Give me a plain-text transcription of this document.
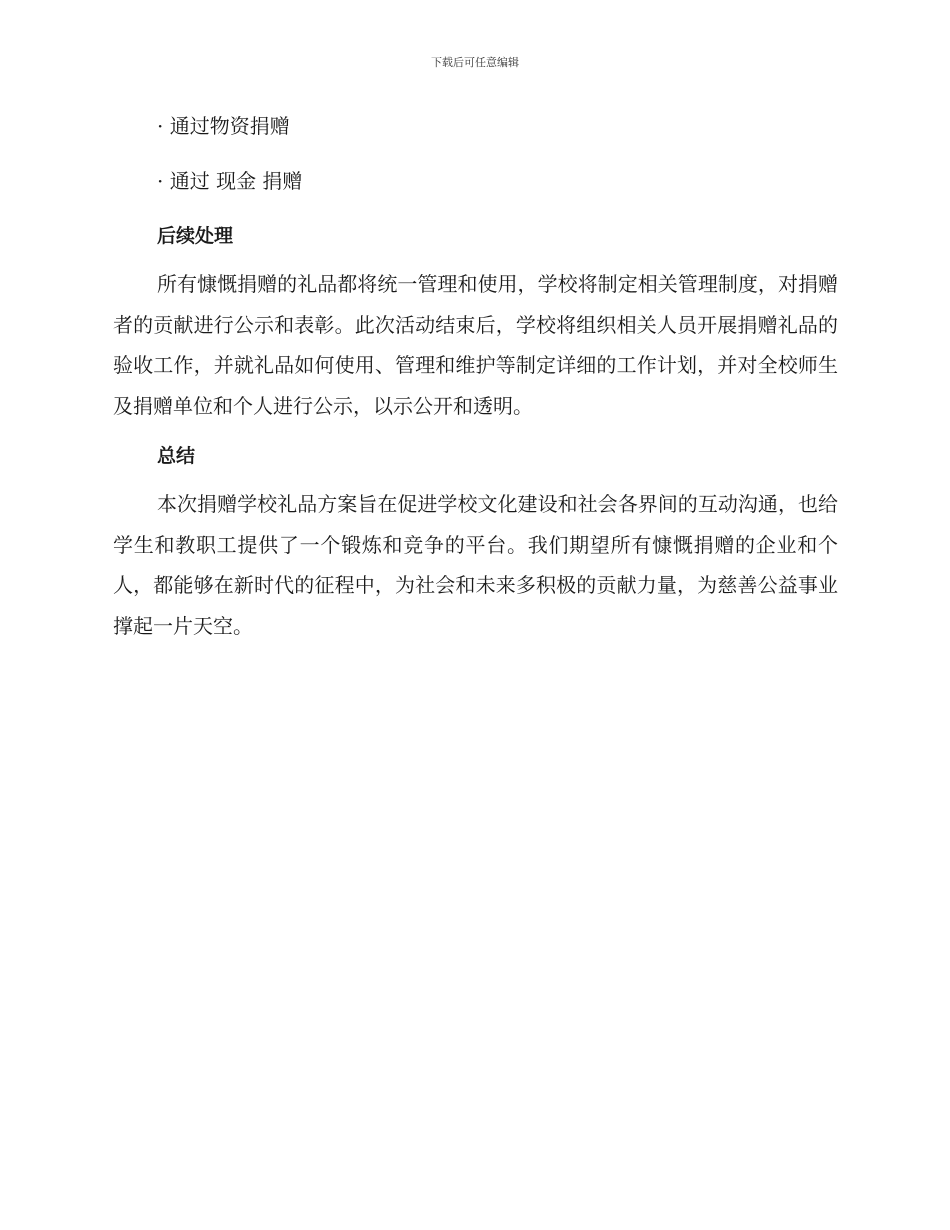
下载后可任意编辑
· 通过物资捐赠
· 通过 现金 捐赠
后续处理

所有慷慨捐赠的礼品都将统一管理和使用，学校将制定相关管理制度，对捐赠者的贡献进行公示和表彰。此次活动结束后，学校将组织相关人员开展捐赠礼品的验收工作，并就礼品如何使用、管理和维护等制定详细的工作计划，并对全校师生及捐赠单位和个人进行公示，以示公开和透明。

总结

本次捐赠学校礼品方案旨在促进学校文化建设和社会各界间的互动沟通，也给学生和教职工提供了一个锻炼和竞争的平台。我们期望所有慷慨捐赠的企业和个人，都能够在新时代的征程中，为社会和未来多积极的贡献力量，为慈善公益事业撑起一片天空。
